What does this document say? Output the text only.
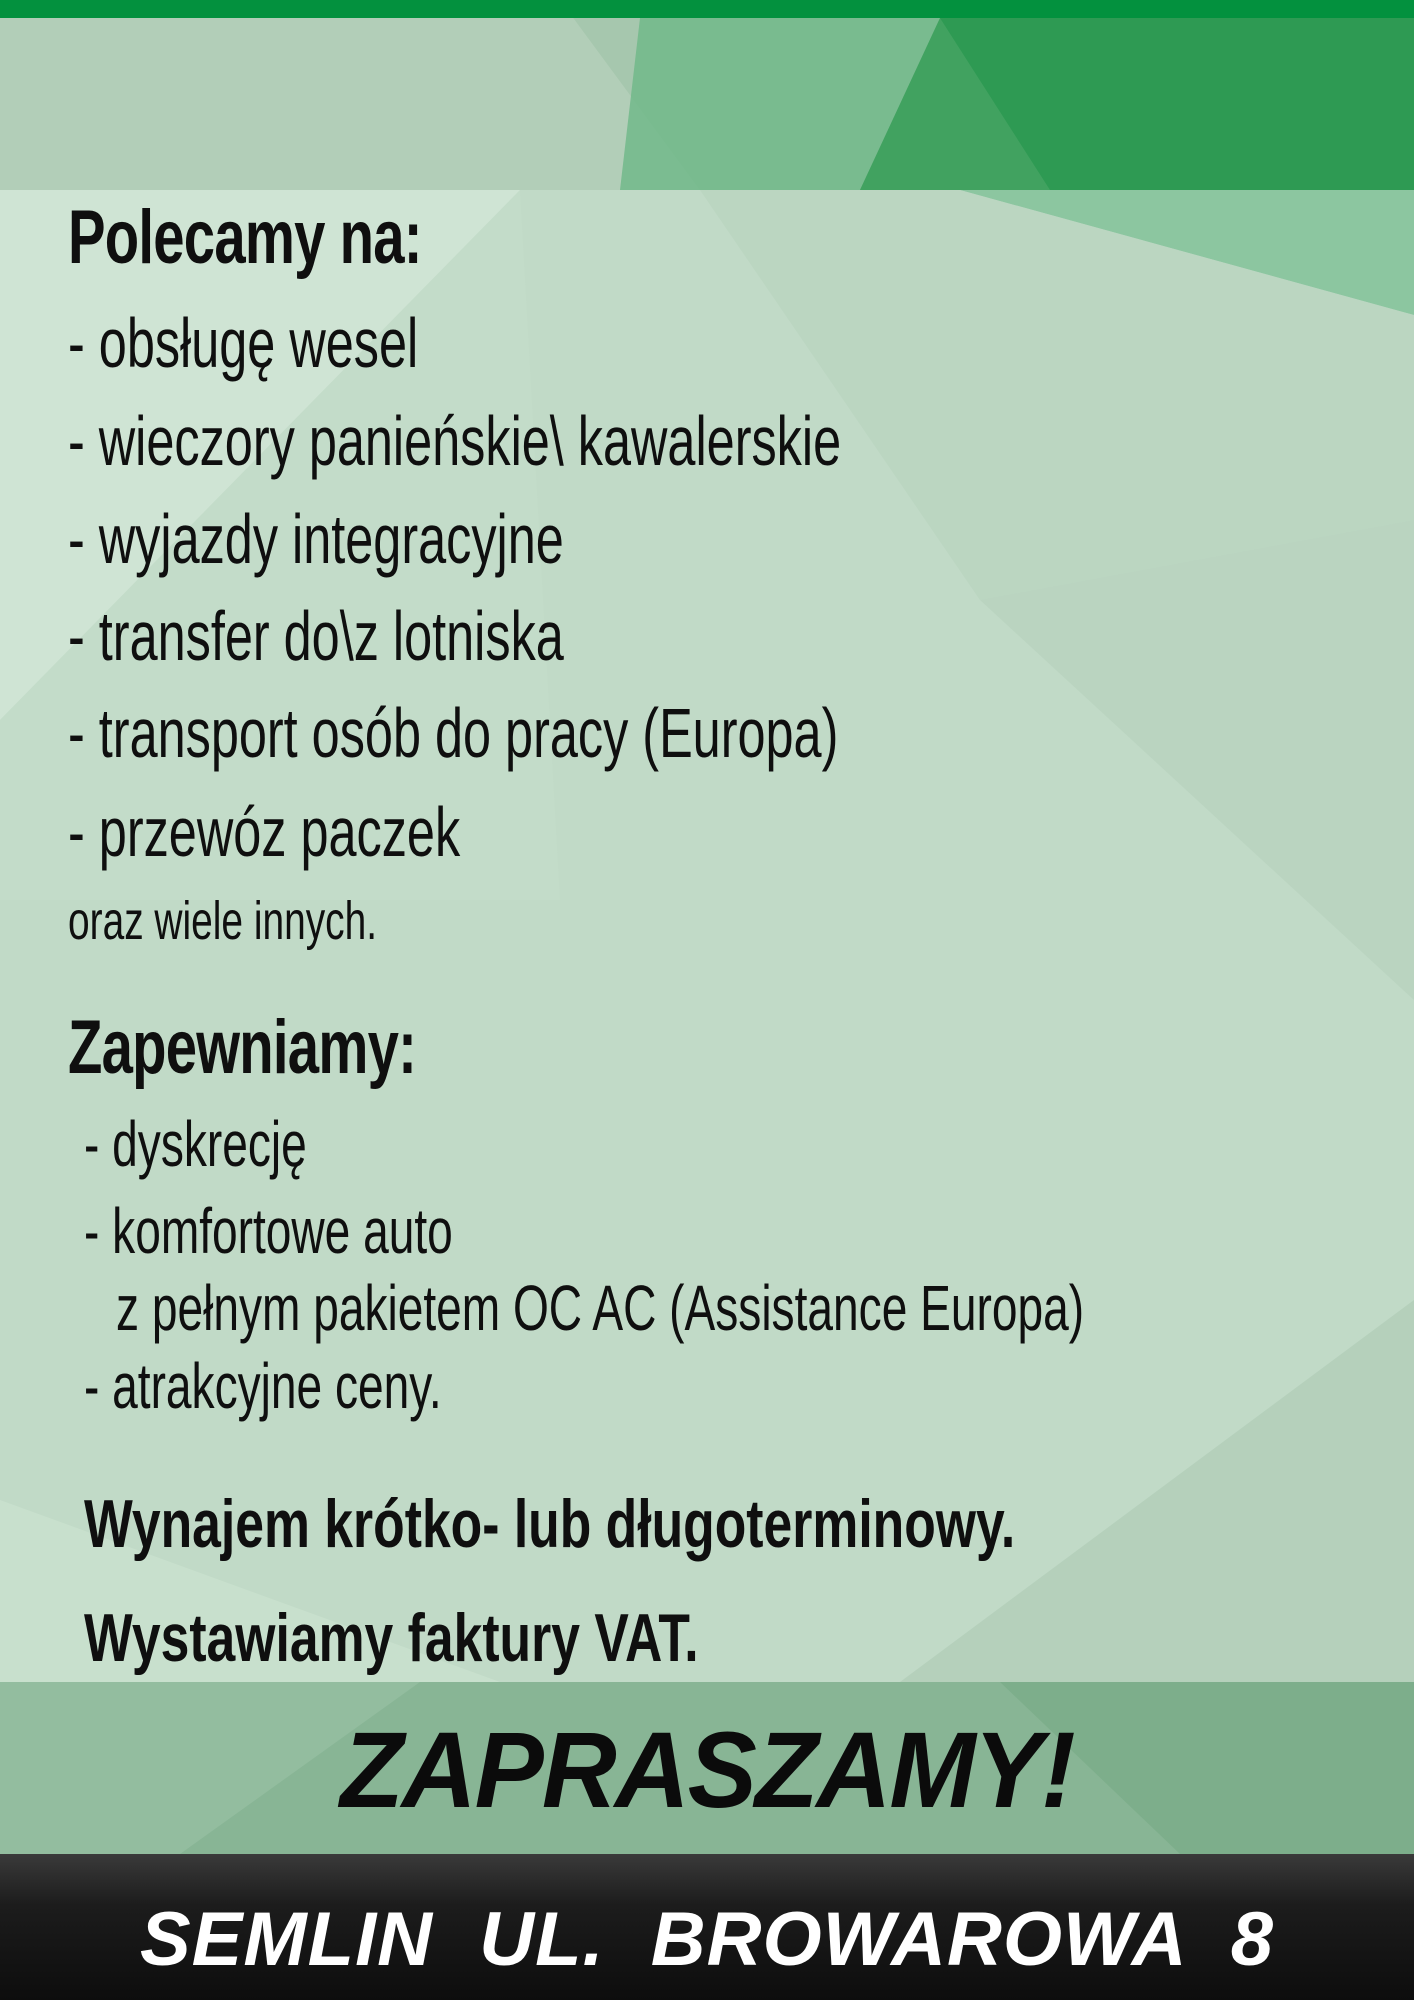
Polecamy na:
- obsługę wesel
- wieczory panieńskie\ kawalerskie
- wyjazdy integracyjne
- transfer do\z lotniska
- transport osób do pracy (Europa)
- przewóz paczek
oraz wiele innych.
Zapewniamy:
- dyskrecję
- komfortowe auto
z pełnym pakietem OC AC (Assistance Europa)
- atrakcyjne ceny.
Wynajem krótko- lub długoterminowy.
Wystawiamy faktury VAT.
ZAPRASZAMY!
SEMLIN UL. BROWAROWA 8
